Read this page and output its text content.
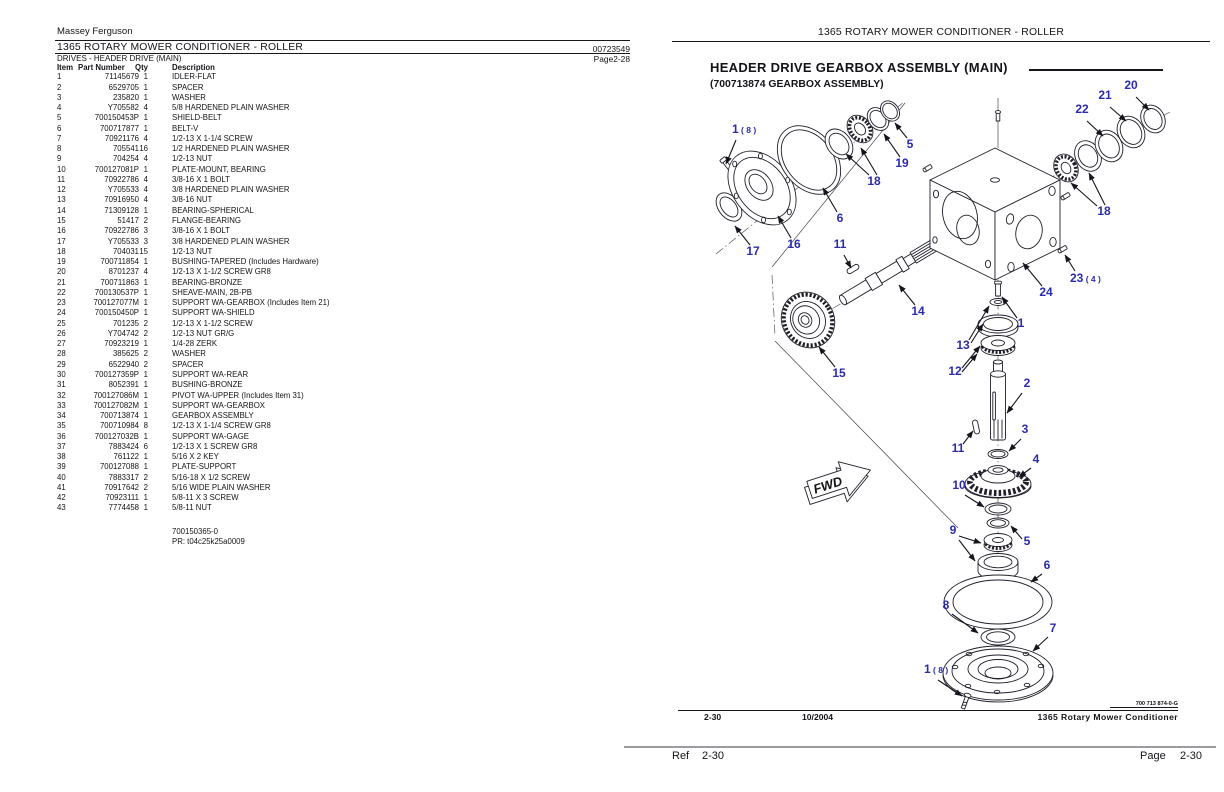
Massey Ferguson
1365 ROTARY MOWER CONDITIONER - ROLLER	00723549
DRIVES - HEADER DRIVE (MAIN)	Page2-28
Item Part Number	Qty	Description
1	71145679 1	IDLER-FLAT
2	6529705 1	SPACER
3	235820 1	WASHER
4	Y705582 4	5/8 HARDENED PLAIN WASHER
5	700150453P 1	SHIELD-BELT
6	700717877 1	BELT-V
7	70921176 4	1/2-13 X 1-1/4 SCREW
8	705541 16	1/2 HARDENED PLAIN WASHER
9	704254 4	1/2-13 NUT
10	700127081P 1	PLATE-MOUNT, BEARING
11	70922786 4	3/8-16 X 1 BOLT
12	Y705533 4	3/8 HARDENED PLAIN WASHER
13	70916950 4	3/8-16 NUT
14	71309128 1	BEARING-SPHERICAL
15	51417 2	FLANGE-BEARING
16	70922786 3	3/8-16 X 1 BOLT
17	Y705533 3	3/8 HARDENED PLAIN WASHER
18	704031 15	1/2-13 NUT
19	700711854 1	BUSHING-TAPERED (Includes Hardware)
20	8701237 4	1/2-13 X 1-1/2 SCREW GR8
21	700711863 1	BEARING-BRONZE
22	700130537P 1	SHEAVE-MAIN, 2B-PB
23	700127077M 1	SUPPORT WA-GEARBOX (Includes Item 21)
24	700150450P 1	SUPPORT WA-SHIELD
25	701235 2	1/2-13 X 1-1/2 SCREW
26	Y704742 2	1/2-13 NUT GR/G
27	70923219 1	1/4-28 ZERK
28	385625 2	WASHER
29	6522940 2	SPACER
30	700127359P 1	SUPPORT WA-REAR
31	8052391 1	BUSHING-BRONZE
32	700127086M 1	PIVOT WA-UPPER (Includes Item 31)
33	700127082M 1	SUPPORT WA-GEARBOX
34	700713874 1	GEARBOX ASSEMBLY
35	700710984 8	1/2-13 X 1-1/4 SCREW GR8
36	700127032B 1	SUPPORT WA-GAGE
37	7883424 6	1/2-13 X 1 SCREW GR8
38	761122 1	5/16 X 2 KEY
39	700127088 1	PLATE-SUPPORT
40	7883317 2	5/16-18 X 1/2 SCREW
41	70917642 2	5/16 WIDE PLAIN WASHER
42	70923111 1	5/8-11 X 3 SCREW
43	7774458 1	5/8-11 NUT
700150365-0
PR: t04c25k25a0009
1365 ROTARY MOWER CONDITIONER - ROLLER
HEADER DRIVE GEARBOX ASSEMBLY (MAIN)
(700713874 GEARBOX ASSEMBLY)
FWD
700 713 874-0-G
1 ( 8 )
17 16
6
18
19
5
11
14
15
24
23 ( 4 )
22
21
20
18
1
13
12
2
11
3
4
10
9
5
6
8
7
1 ( 8 )
2-30	10/2004	1365 Rotary Mower Conditioner
Ref 2-30	Page 2-30
